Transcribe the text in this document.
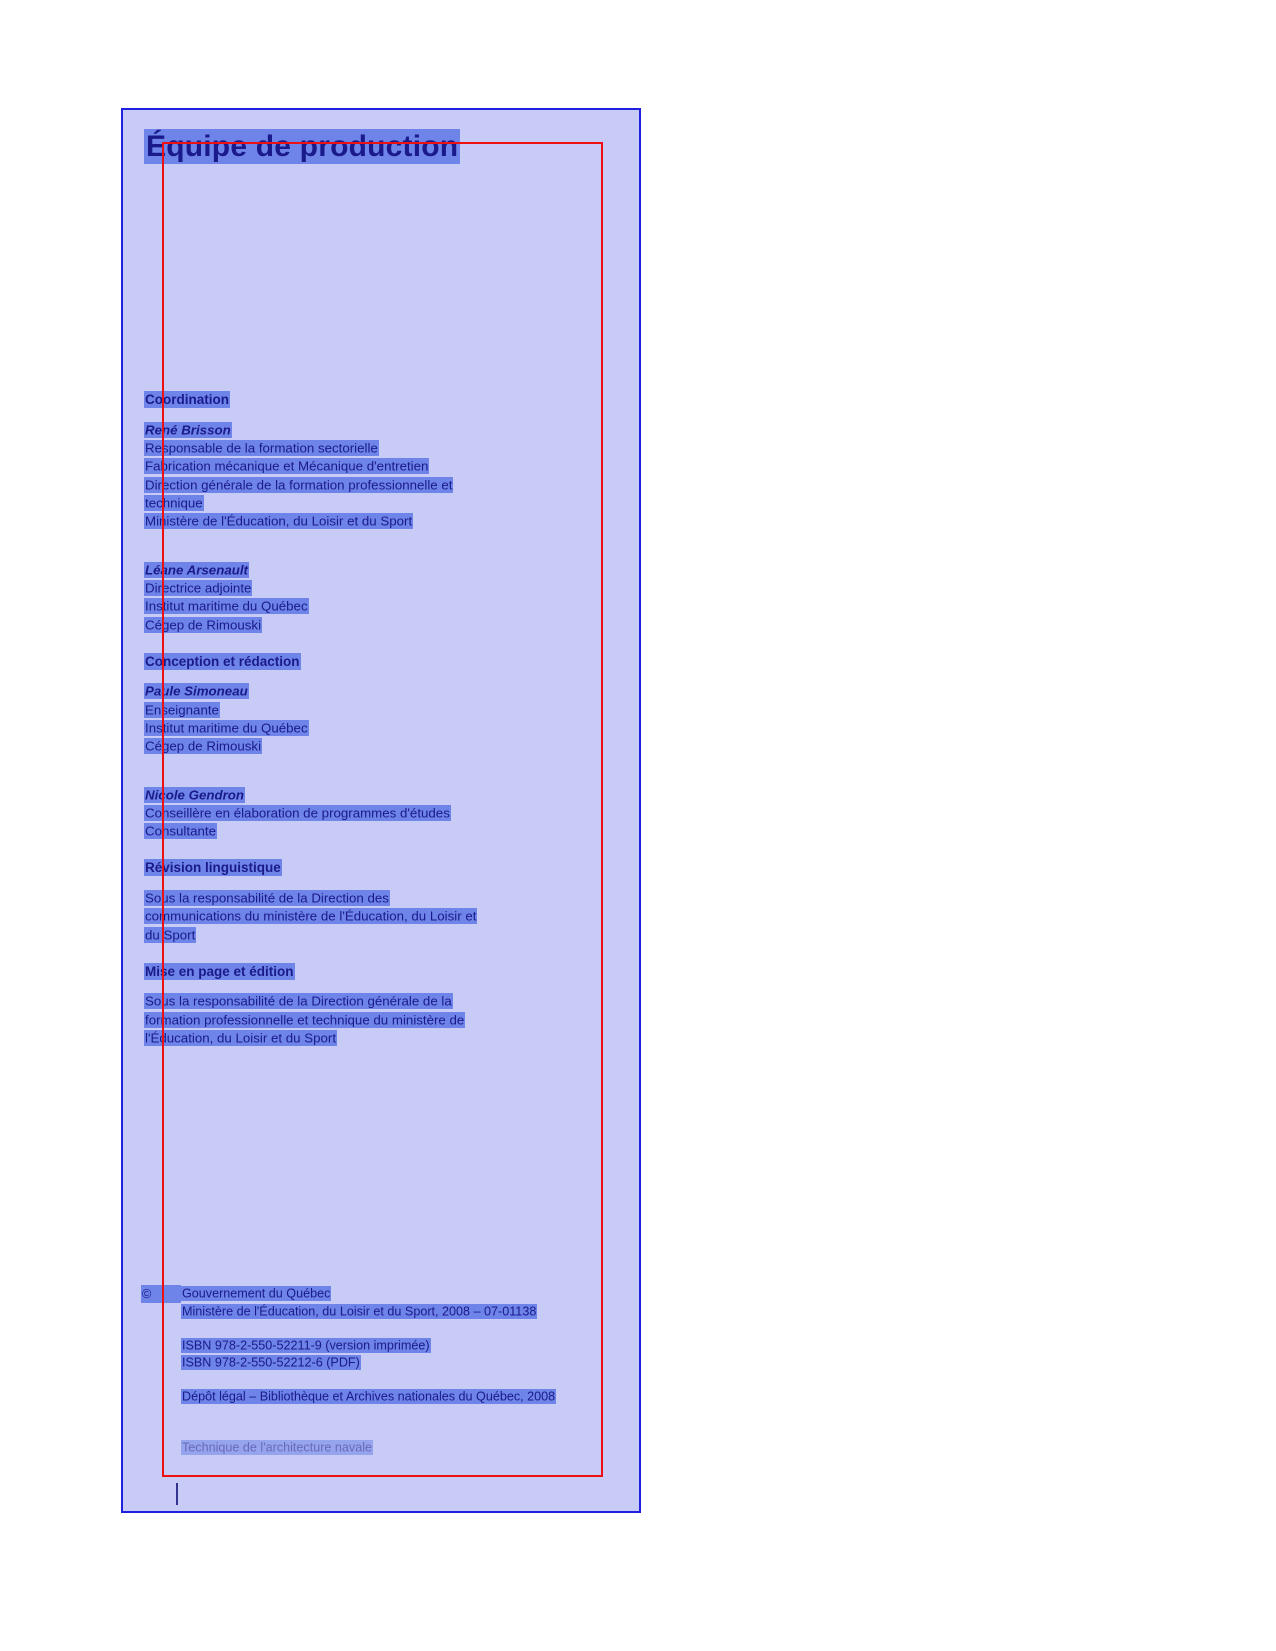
Équipe de production
Coordination
René Brisson
Responsable de la formation sectorielle
Fabrication mécanique et Mécanique d'entretien
Direction générale de la formation professionnelle et
technique
Ministère de l'Éducation, du Loisir et du Sport
Léane Arsenault
Directrice adjointe
Institut maritime du Québec
Cégep de Rimouski
Conception et rédaction
Paule Simoneau
Enseignante
Institut maritime du Québec
Cégep de Rimouski
Nicole Gendron
Conseillère en élaboration de programmes d'études
Consultante
Révision linguistique
Sous la responsabilité de la Direction des
communications du ministère de l'Éducation, du Loisir et
du Sport
Mise en page et édition
Sous la responsabilité de la Direction générale de la
formation professionnelle et technique du ministère de
l'Éducation, du Loisir et du Sport
© Gouvernement du Québec
Ministère de l'Éducation, du Loisir et du Sport, 2008 – 07-01138
ISBN 978-2-550-52211-9 (version imprimée)
ISBN 978-2-550-52212-6 (PDF)
Dépôt légal – Bibliothèque et Archives nationales du Québec, 2008
Technique de l'architecture navale
